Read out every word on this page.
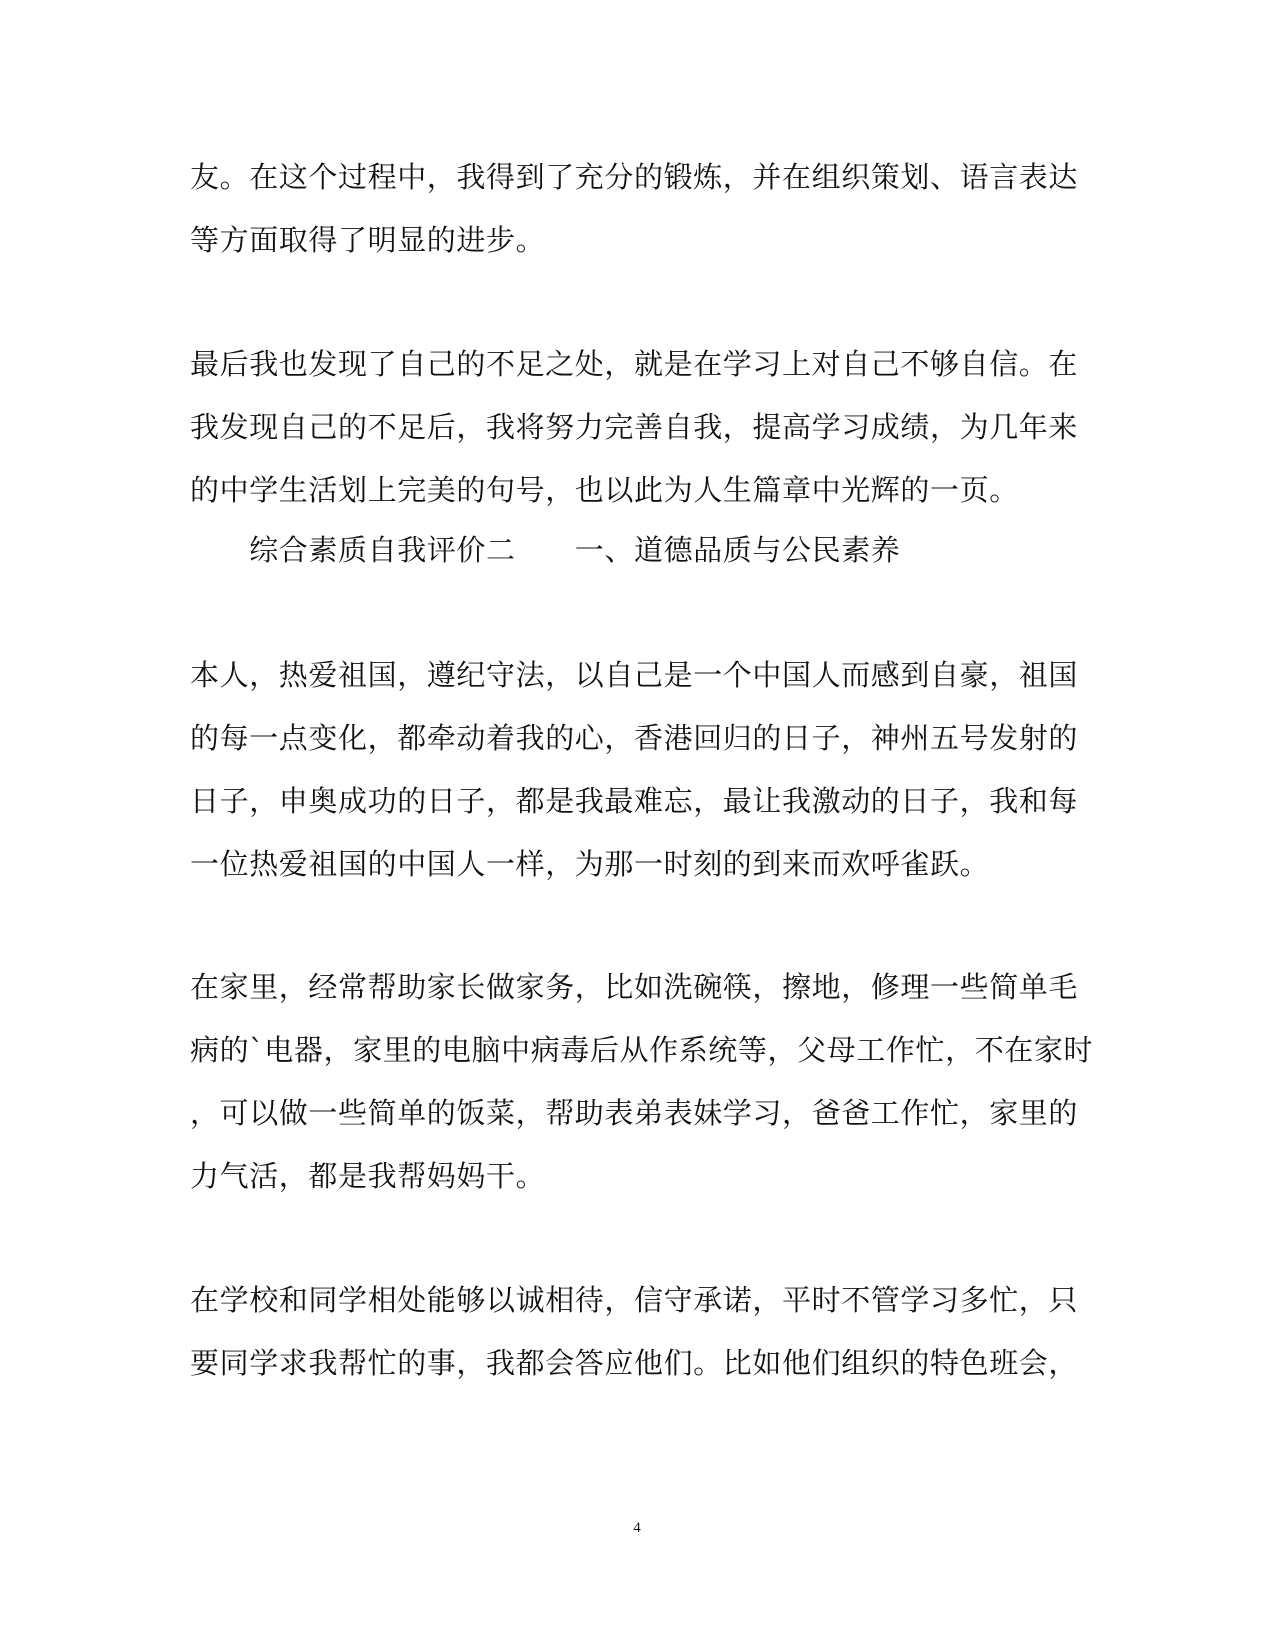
友。在这个过程中，我得到了充分的锻炼，并在组织策划、语言表达
等方面取得了明显的进步。
最后我也发现了自己的不足之处，就是在学习上对自己不够自信。在
我发现自己的不足后，我将努力完善自我，提高学习成绩，为几年来
的中学生活划上完美的句号，也以此为人生篇章中光辉的一页。
　　综合素质自我评价二　　一、道德品质与公民素养
本人，热爱祖国，遵纪守法，以自己是一个中国人而感到自豪，祖国
的每一点变化，都牵动着我的心，香港回归的日子，神州五号发射的
日子，申奥成功的日子，都是我最难忘，最让我激动的日子，我和每
一位热爱祖国的中国人一样，为那一时刻的到来而欢呼雀跃。
在家里，经常帮助家长做家务，比如洗碗筷，擦地，修理一些简单毛
病的`电器，家里的电脑中病毒后从作系统等，父母工作忙，不在家时
，可以做一些简单的饭菜，帮助表弟表妹学习，爸爸工作忙，家里的
力气活，都是我帮妈妈干。
在学校和同学相处能够以诚相待，信守承诺，平时不管学习多忙，只
要同学求我帮忙的事，我都会答应他们。比如他们组织的特色班会，
4
